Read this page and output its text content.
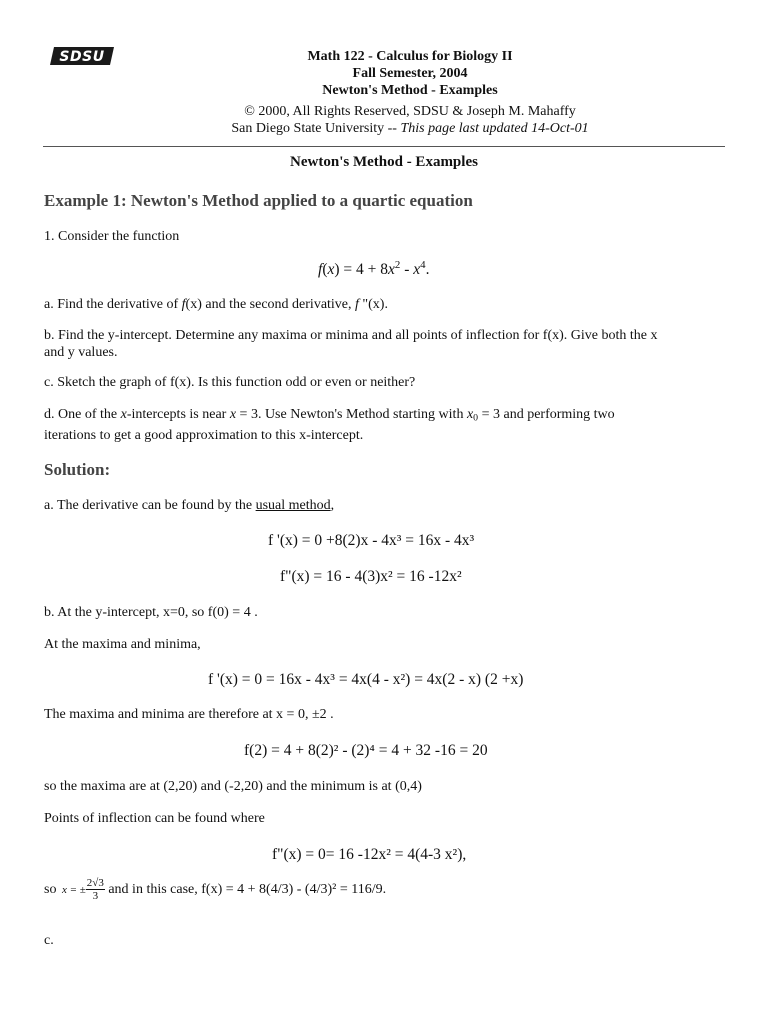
SDSU	Math 122 - Calculus for Biology II
Fall Semester, 2004
Newton's Method - Examples
© 2000, All Rights Reserved, SDSU & Joseph M. Mahaffy
San Diego State University -- This page last updated 14-Oct-01
Newton's Method - Examples
Example 1: Newton's Method applied to a quartic equation
1. Consider the function
$f(x) = 4 + 8x^2 - x^4$.
a. Find the derivative of f(x) and the second derivative, f "(x).
b. Find the y-intercept. Determine any maxima or minima and all points of inflection for f(x). Give both the x
and y values.
c. Sketch the graph of f(x). Is this function odd or even or neither?
d. One of the x-intercepts is near x = 3. Use Newton's Method starting with $x_0 = 3$ and performing two
iterations to get a good approximation to this x-intercept.
Solution:
a. The derivative can be found by the usual method,
f '(x) = 0 +8(2)x - 4x³ = 16x - 4x³
f"(x) = 16 - 4(3)x² = 16 -12x²
b. At the y-intercept, x=0, so f(0) = 4 .
At the maxima and minima,
f '(x) = 0 = 16x - 4x³ = 4x(4 - x²) = 4x(2 - x) (2 +x)
The maxima and minima are therefore at x = 0, ±2 .
f(2) = 4 + 8(2)² - (2)⁴ = 4 + 32 -16 = 20
so the maxima are at (2,20) and (-2,20) and the minimum is at (0,4)
Points of inflection can be found where
f"(x) = 0= 16 -12x² = 4(4-3 x²),
so x = ± $\frac{2√3}{3}$ and in this case, f(x) = 4 + 8(4/3) - (4/3)² = 116/9.
c.
